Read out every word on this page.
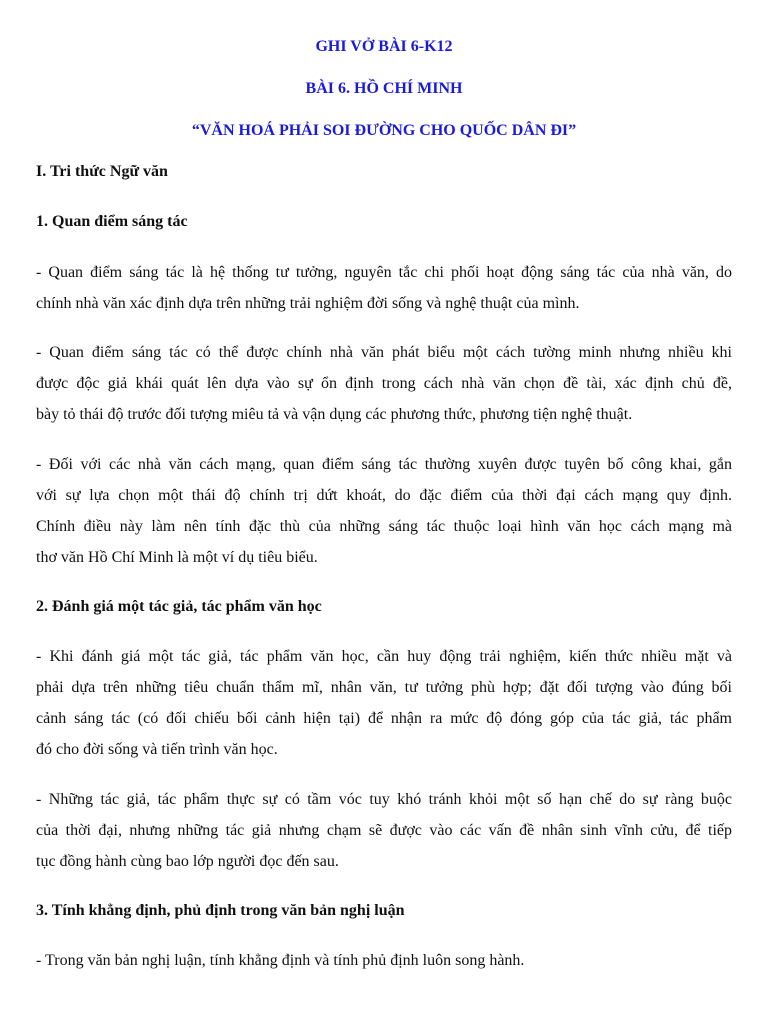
GHI VỞ BÀI 6-K12
BÀI 6. HỒ CHÍ MINH
“VĂN HOÁ PHẢI SOI ĐƯỜNG CHO QUỐC DÂN ĐI”
I. Tri thức Ngữ văn
1. Quan điểm sáng tác
- Quan điểm sáng tác là hệ thống tư tưởng, nguyên tắc chi phối hoạt động sáng tác của nhà văn, do
chính nhà văn xác định dựa trên những trải nghiệm đời sống và nghệ thuật của mình.
- Quan điểm sáng tác có thể được chính nhà văn phát biểu một cách tường minh nhưng nhiều khi
được độc giả khái quát lên dựa vào sự ổn định trong cách nhà văn chọn đề tài, xác định chủ đề,
bày tỏ thái độ trước đối tượng miêu tả và vận dụng các phương thức, phương tiện nghệ thuật.
- Đối với các nhà văn cách mạng, quan điểm sáng tác thường xuyên được tuyên bố công khai, gắn
với sự lựa chọn một thái độ chính trị dứt khoát, do đặc điểm của thời đại cách mạng quy định.
Chính điều này làm nên tính đặc thù của những sáng tác thuộc loại hình văn học cách mạng mà
thơ văn Hồ Chí Minh là một ví dụ tiêu biểu.
2. Đánh giá một tác giả, tác phẩm văn học
- Khi đánh giá một tác giả, tác phẩm văn học, cần huy động trải nghiệm, kiến thức nhiều mặt và
phải dựa trên những tiêu chuẩn thẩm mĩ, nhân văn, tư tưởng phù hợp; đặt đối tượng vào đúng bối
cảnh sáng tác (có đối chiếu bối cảnh hiện tại) để nhận ra mức độ đóng góp của tác giả, tác phẩm
đó cho đời sống và tiến trình văn học.
- Những tác giả, tác phẩm thực sự có tầm vóc tuy khó tránh khỏi một số hạn chế do sự ràng buộc
của thời đại, nhưng những tác giả nhưng chạm sẽ được vào các vấn đề nhân sinh vĩnh cửu, để tiếp
tục đồng hành cùng bao lớp người đọc đến sau.
3. Tính khẳng định, phủ định trong văn bản nghị luận
- Trong văn bản nghị luận, tính khẳng định và tính phủ định luôn song hành.
